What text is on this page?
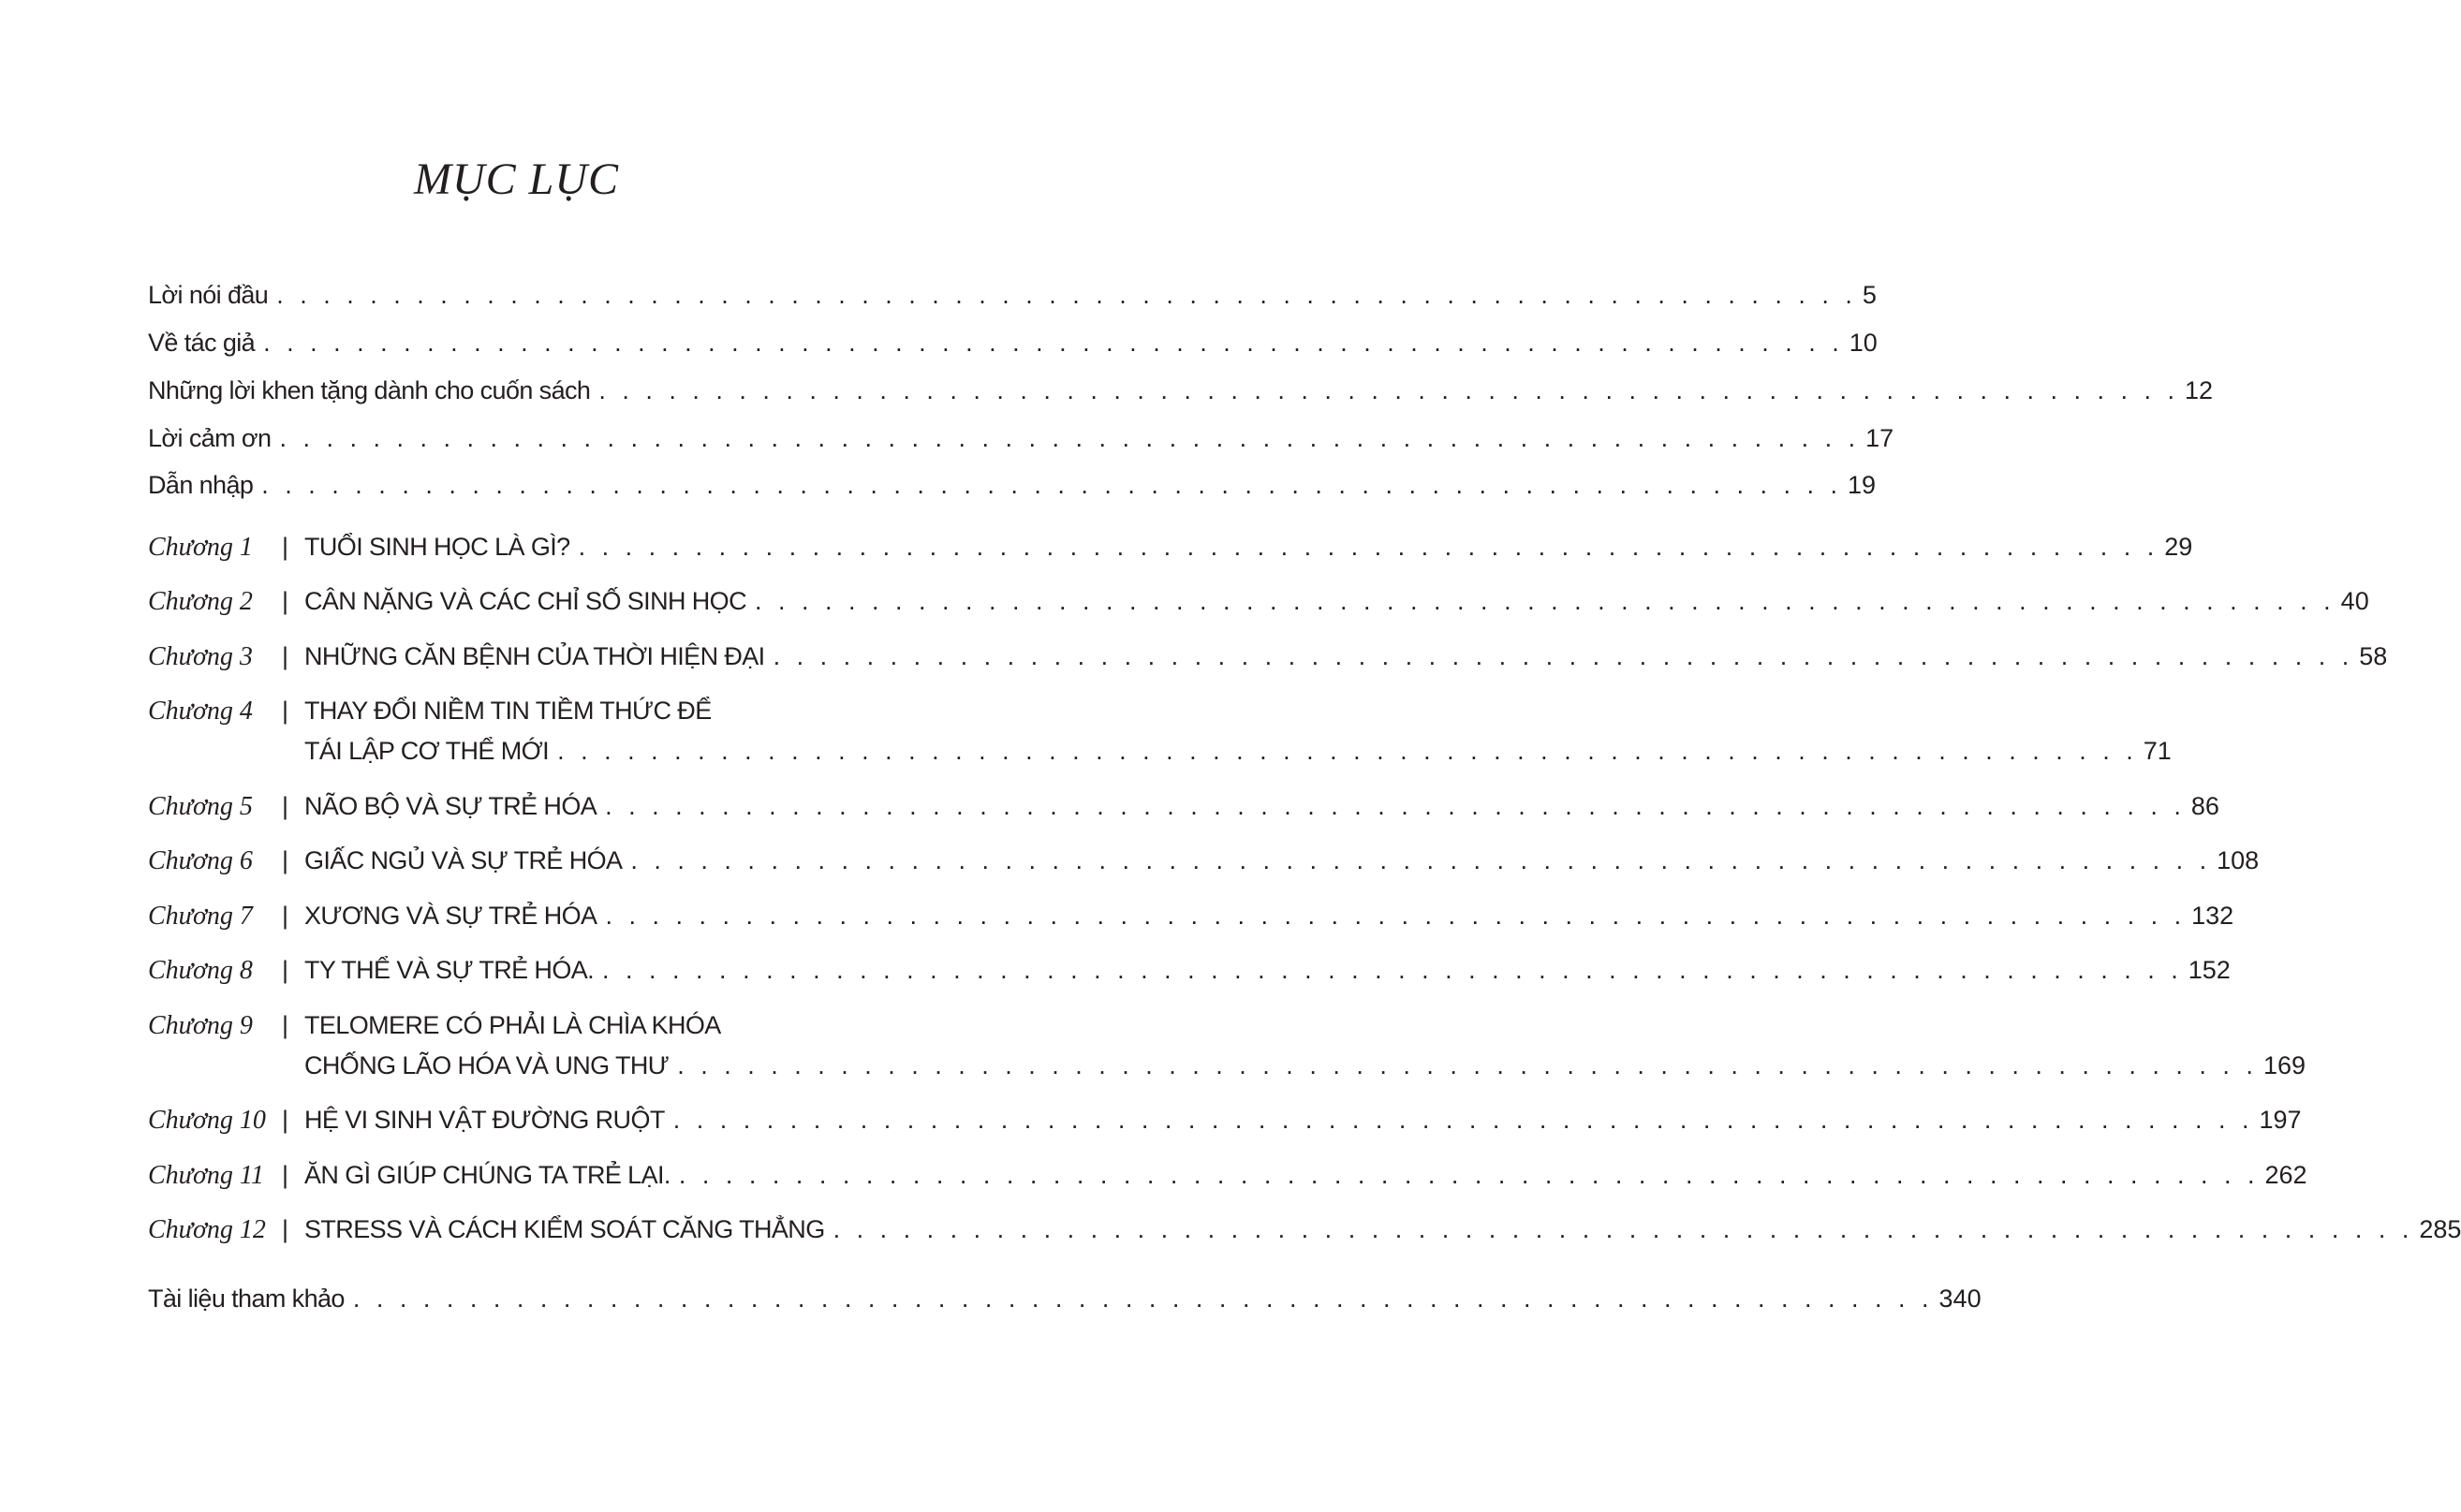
MỤC LỤC
Lời nói đầu . . . . . . . . . . . . . . . . . . . . . . . . . . . . . . . . . . . . . . . . . . . . . . . . . . . . . . . . . . . . . . . . . . . . 5
Về tác giả . . . . . . . . . . . . . . . . . . . . . . . . . . . . . . . . . . . . . . . . . . . . . . . . . . . . . . . . . . . . . . . . . . . . 10
Những lời khen tặng dành cho cuốn sách . . . . . . . . . . . . . . . . . . . . . . . . . . . . . . . . . . . . . . . . . . . . . . . . . . . . . . . . . . . . . . . . . . . . 12
Lời cảm ơn . . . . . . . . . . . . . . . . . . . . . . . . . . . . . . . . . . . . . . . . . . . . . . . . . . . . . . . . . . . . . . . . . . . . 17
Dẫn nhập . . . . . . . . . . . . . . . . . . . . . . . . . . . . . . . . . . . . . . . . . . . . . . . . . . . . . . . . . . . . . . . . . . . . 19
Chương 1	| TUỔI SINH HỌC LÀ GÌ? . . . . . . . . . . . . . . . . . . . . . . . . . . . . . . . . . . . . . . . . . . . . . . . . . . . . . . . . . . . . . . . . . . . . 29
Chương 2	| CÂN NẶNG VÀ CÁC CHỈ SỐ SINH HỌC . . . . . . . . . . . . . . . . . . . . . . . . . . . . . . . . . . . . . . . . . . . . . . . . . . . . . . . . . . . . . . . . . . . . 40
Chương 3	| NHỮNG CĂN BỆNH CỦA THỜI HIỆN ĐẠI . . . . . . . . . . . . . . . . . . . . . . . . . . . . . . . . . . . . . . . . . . . . . . . . . . . . . . . . . . . . . . . . . . . . 58
Chương 4	| THAY ĐỔI NIỀM TIN TIỀM THỨC ĐỂ
TÁI LẬP CƠ THỂ MỚI . . . . . . . . . . . . . . . . . . . . . . . . . . . . . . . . . . . . . . . . . . . . . . . . . . . . . . . . . . . . . . . . . . . . 71
Chương 5	| NÃO BỘ VÀ SỰ TRẺ HÓA . . . . . . . . . . . . . . . . . . . . . . . . . . . . . . . . . . . . . . . . . . . . . . . . . . . . . . . . . . . . . . . . . . . . 86
Chương 6	| GIẤC NGỦ VÀ SỰ TRẺ HÓA . . . . . . . . . . . . . . . . . . . . . . . . . . . . . . . . . . . . . . . . . . . . . . . . . . . . . . . . . . . . . . . . . . . . 108
Chương 7	| XƯƠNG VÀ SỰ TRẺ HÓA . . . . . . . . . . . . . . . . . . . . . . . . . . . . . . . . . . . . . . . . . . . . . . . . . . . . . . . . . . . . . . . . . . . . 132
Chương 8	| TY THỂ VÀ SỰ TRẺ HÓA. . . . . . . . . . . . . . . . . . . . . . . . . . . . . . . . . . . . . . . . . . . . . . . . . . . . . . . . . . . . . . . . . . . . . 152
Chương 9	| TELOMERE CÓ PHẢI LÀ CHÌA KHÓA
CHỐNG LÃO HÓA VÀ UNG THƯ . . . . . . . . . . . . . . . . . . . . . . . . . . . . . . . . . . . . . . . . . . . . . . . . . . . . . . . . . . . . . . . . . . . . 169
Chương 10 | HỆ VI SINH VẬT ĐƯỜNG RUỘT . . . . . . . . . . . . . . . . . . . . . . . . . . . . . . . . . . . . . . . . . . . . . . . . . . . . . . . . . . . . . . . . . . . . 197
Chương 11 | ĂN GÌ GIÚP CHÚNG TA TRẺ LẠI. . . . . . . . . . . . . . . . . . . . . . . . . . . . . . . . . . . . . . . . . . . . . . . . . . . . . . . . . . . . . . . . . . . . . 262
Chương 12 | STRESS VÀ CÁCH KIỂM SOÁT CĂNG THẲNG . . . . . . . . . . . . . . . . . . . . . . . . . . . . . . . . . . . . . . . . . . . . . . . . . . . . . . . . . . . . . . . . . . . . 285
Tài liệu tham khảo . . . . . . . . . . . . . . . . . . . . . . . . . . . . . . . . . . . . . . . . . . . . . . . . . . . . . . . . . . . . . . . . . . . . 340
